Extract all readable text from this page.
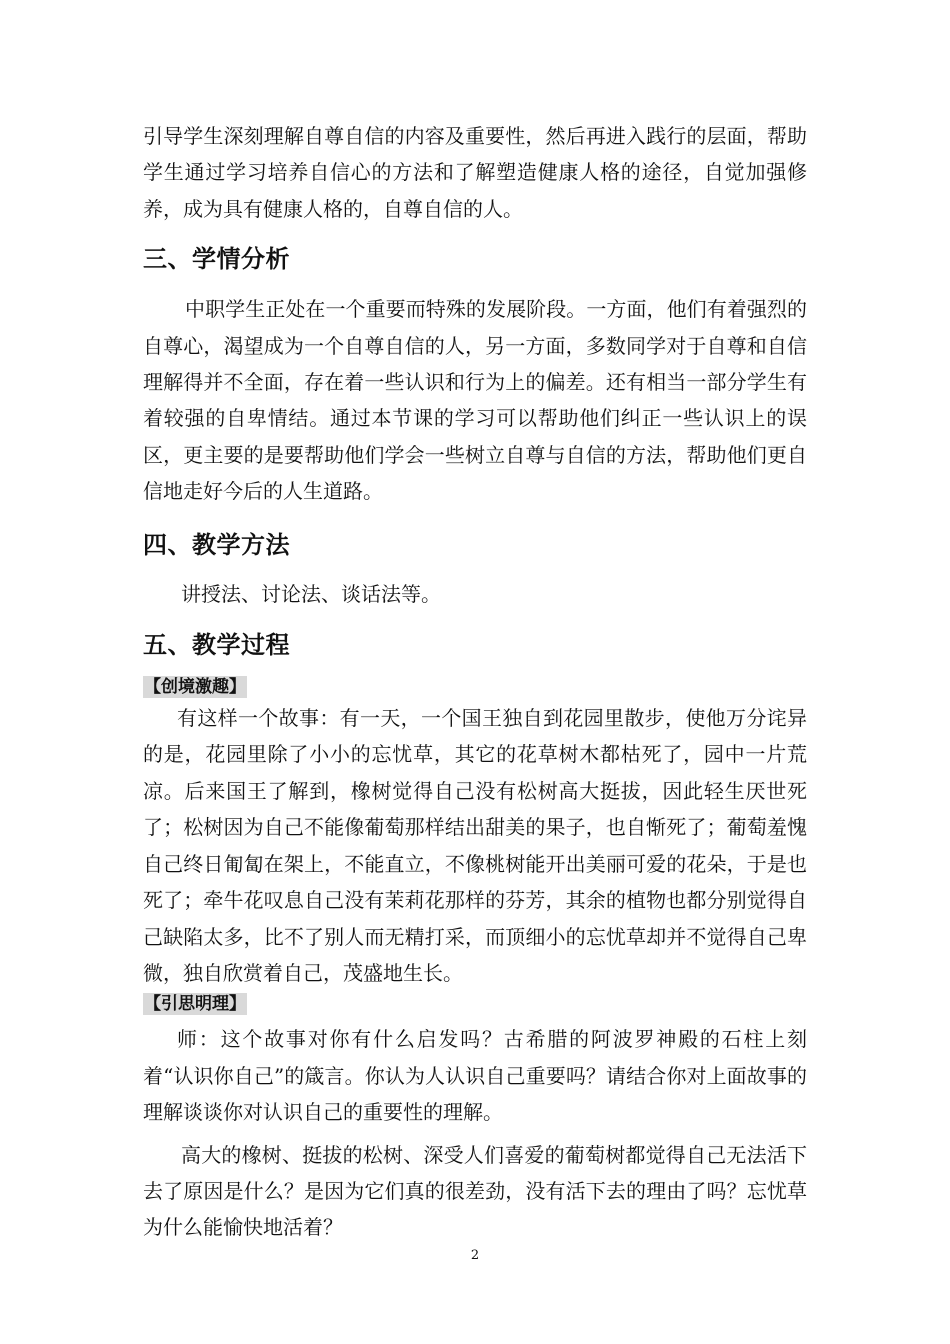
引导学生深刻理解自尊自信的内容及重要性，然后再进入践行的层面，帮助学生通过学习培养自信心的方法和了解塑造健康人格的途径，自觉加强修养，成为具有健康人格的，自尊自信的人。

三、学情分析

中职学生正处在一个重要而特殊的发展阶段。一方面，他们有着强烈的自尊心，渴望成为一个自尊自信的人，另一方面，多数同学对于自尊和自信理解得并不全面，存在着一些认识和行为上的偏差。还有相当一部分学生有着较强的自卑情结。通过本节课的学习可以帮助他们纠正一些认识上的误区，更主要的是要帮助他们学会一些树立自尊与自信的方法，帮助他们更自信地走好今后的人生道路。

四、教学方法

讲授法、讨论法、谈话法等。

五、教学过程
【创境激趣】

有这样一个故事：有一天，一个国王独自到花园里散步，使他万分诧异的是，花园里除了小小的忘忧草，其它的花草树木都枯死了，园中一片荒凉。后来国王了解到，橡树觉得自己没有松树高大挺拔，因此轻生厌世死了；松树因为自己不能像葡萄那样结出甜美的果子，也自惭死了；葡萄羞愧自己终日匍匐在架上，不能直立，不像桃树能开出美丽可爱的花朵，于是也死了；牵牛花叹息自己没有茉莉花那样的芬芳，其余的植物也都分别觉得自己缺陷太多，比不了别人而无精打采，而顶细小的忘忧草却并不觉得自己卑微，独自欣赏着自己，茂盛地生长。

【引思明理】

师：这个故事对你有什么启发吗？古希腊的阿波罗神殿的石柱上刻着“认识你自己”的箴言。你认为人认识自己重要吗？请结合你对上面故事的理解谈谈你对认识自己的重要性的理解。

高大的橡树、挺拔的松树、深受人们喜爱的葡萄树都觉得自己无法活下去了原因是什么？是因为它们真的很差劲，没有活下去的理由了吗？忘忧草为什么能愉快地活着？

2
